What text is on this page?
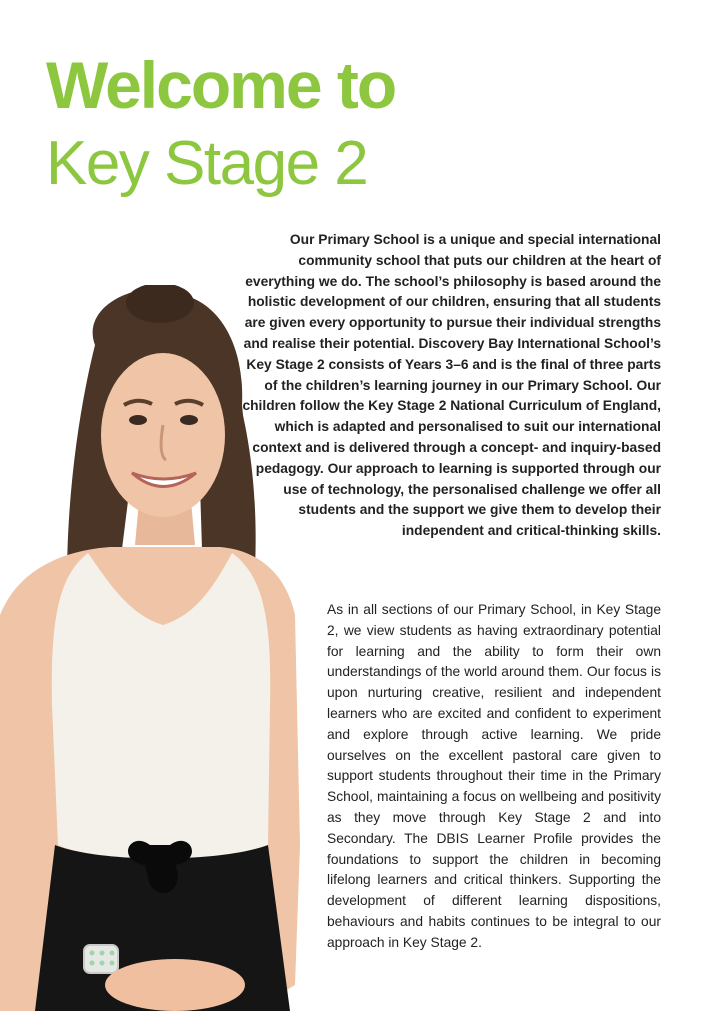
Welcome to
Key Stage 2

Our Primary School is a unique and special international community school that puts our children at the heart of everything we do. The school’s philosophy is based around the holistic development of our children, ensuring that all students are given every opportunity to pursue their individual strengths and realise their potential. Discovery Bay International School’s Key Stage 2 consists of Years 3–6 and is the final of three parts of the children’s learning journey in our Primary School. Our children follow the Key Stage 2 National Curriculum of England, which is adapted and personalised to suit our international context and is delivered through a concept- and inquiry-based pedagogy. Our approach to learning is supported through our use of technology, the personalised challenge we offer all students and the support we give them to develop their independent and critical-thinking skills.

As in all sections of our Primary School, in Key Stage 2, we view students as having extraordinary potential for learning and the ability to form their own understandings of the world around them. Our focus is upon nurturing creative, resilient and independent learners who are excited and confident to experiment and explore through active learning. We pride ourselves on the excellent pastoral care given to support students throughout their time in the Primary School, maintaining a focus on wellbeing and positivity as they move through Key Stage 2 and into Secondary. The DBIS Learner Profile provides the foundations to support the children in becoming lifelong learners and critical thinkers. Supporting the development of different learning dispositions, behaviours and habits continues to be integral to our approach in Key Stage 2.
